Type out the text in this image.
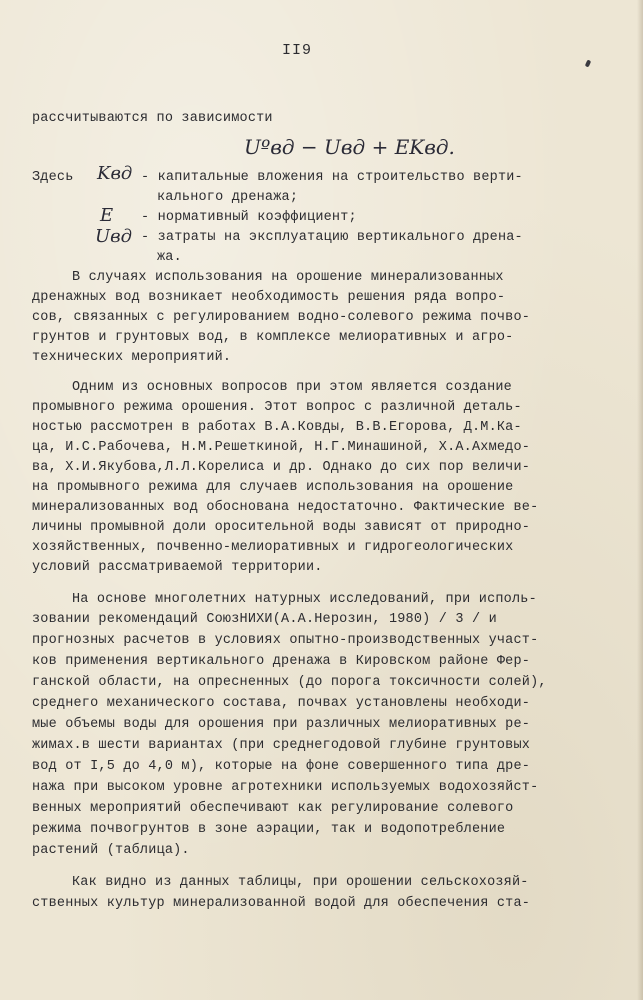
II9
рассчитываются по зависимости
Uºвд − Uвд + EKвд.
Здесь Kвд - капитальные вложения на строительство верти-
кального дренажа;
E - нормативный коэффициент;
Uвд - затраты на эксплуатацию вертикального дрена-
жа.
В случаях использования на орошение минерализованных
дренажных вод возникает необходимость решения ряда вопро-
сов, связанных с регулированием водно-солевого режима почво-
грунтов и грунтовых вод, в комплексе мелиоративных и агро-
технических мероприятий.
Одним из основных вопросов при этом является создание
промывного режима орошения. Этот вопрос с различной деталь-
ностью рассмотрен в работах В.А.Ковды, В.В.Егорова, Д.М.Ка-
ца, И.С.Рабочева, Н.М.Решеткиной, Н.Г.Минашиной, Х.А.Ахмедо-
ва, Х.И.Якубова,Л.Л.Корелиса и др. Однако до сих пор величи-
на промывного режима для случаев использования на орошение
минерализованных вод обоснована недостаточно. Фактические ве-
личины промывной доли оросительной воды зависят от природно-
хозяйственных, почвенно-мелиоративных и гидрогеологических
условий рассматриваемой территории.
На основе многолетних натурных исследований, при исполь-
зовании рекомендаций СоюзНИХИ(А.А.Нерозин, 1980) / 3 / и
прогнозных расчетов в условиях опытно-производственных участ-
ков применения вертикального дренажа в Кировском районе Фер-
ганской области, на опресненных (до порога токсичности солей),
среднего механического состава, почвах установлены необходи-
мые объемы воды для орошения при различных мелиоративных ре-
жимах.в шести вариантах (при среднегодовой глубине грунтовых
вод от I,5 до 4,0 м), которые на фоне совершенного типа дре-
нажа при высоком уровне агротехники используемых водохозяйст-
венных мероприятий обеспечивают как регулирование солевого
режима почвогрунтов в зоне аэрации, так и водопотребление
растений (таблица).
Как видно из данных таблицы, при орошении сельскохозяй-
ственных культур минерализованной водой для обеспечения ста-
